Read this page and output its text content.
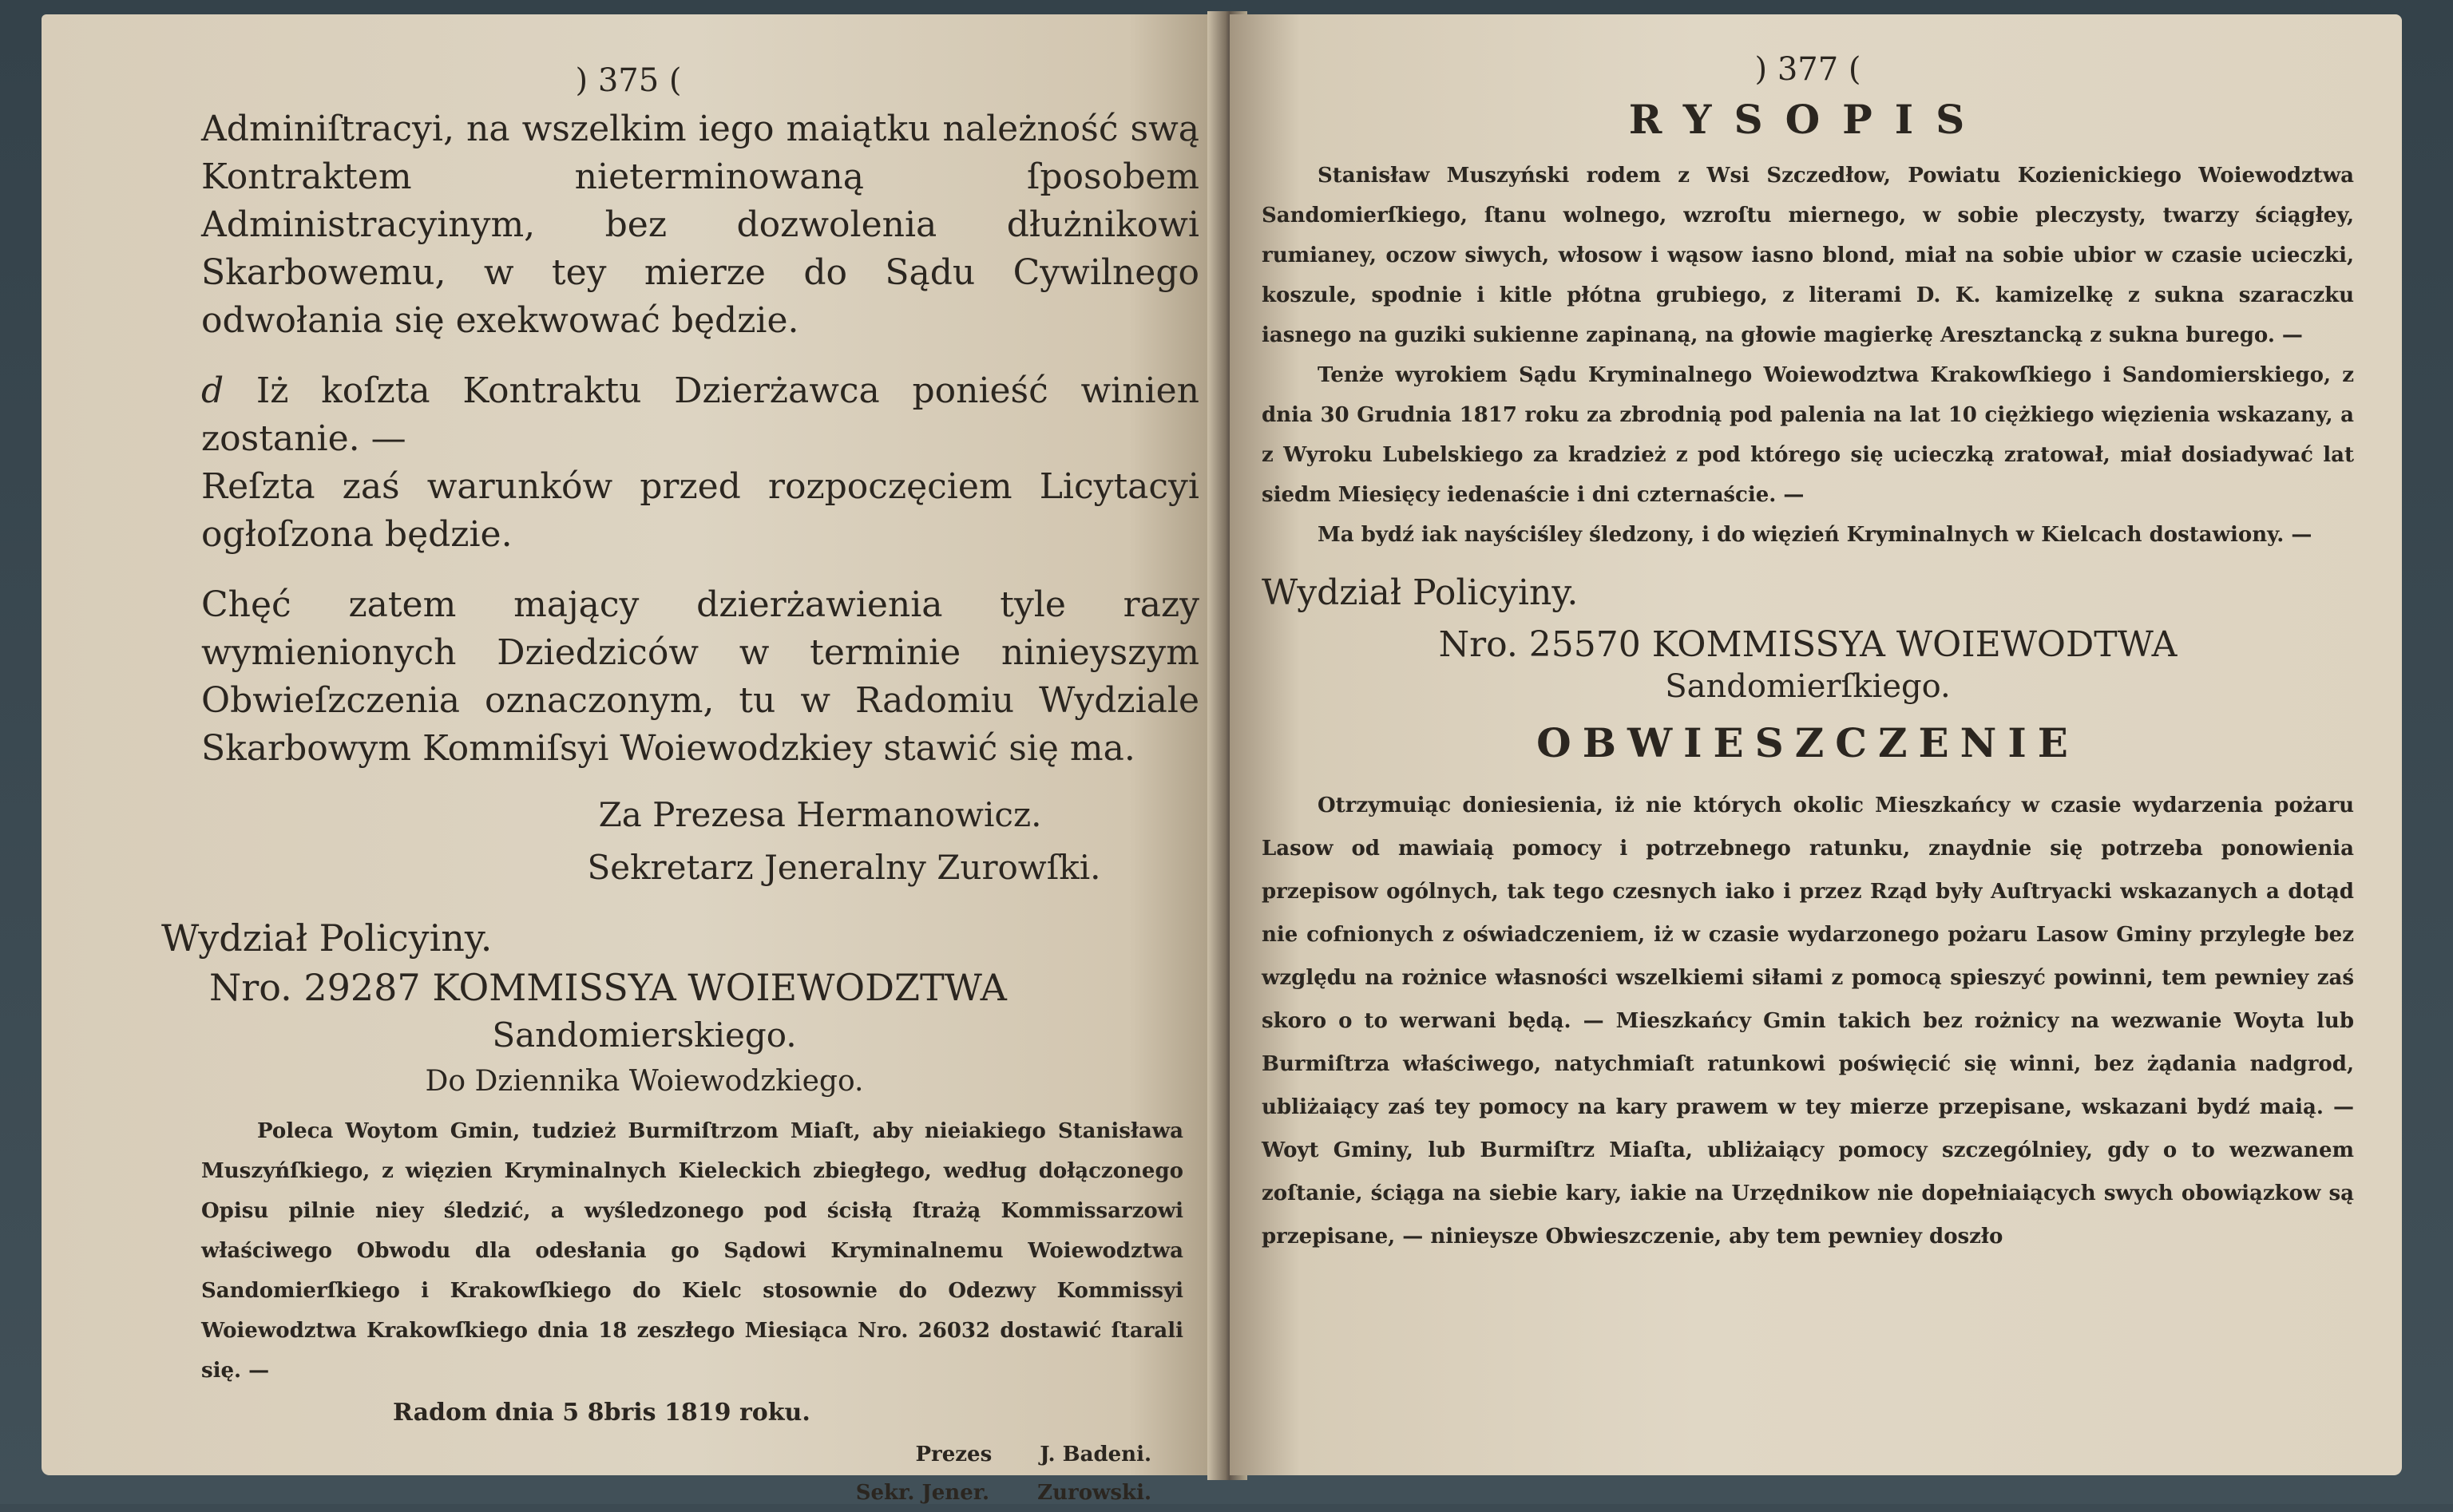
) 375 (

Adminiſtracyi, na wszelkim iego maiątku należność swą Kontraktem nieterminowaną ſposobem Administracyinym, bez dozwolenia dłużnikowi Skarbowemu, w tey mierze do Sądu Cywilnego odwołania się exekwować będzie.

d Iż koſzta Kontraktu Dzierżawca ponieść winien zostanie. —

Reſzta zaś warunków przed rozpoczęciem Licytacyi ogłoſzona będzie.

Chęć zatem mający dzierżawienia tyle razy wymienionych Dziedziców w terminie ninieyszym Obwieſzczenia oznaczonym, tu w Radomiu Wydziale Skarbowym Kommiſsyi Woiewodzkiey stawić się ma.

Za Prezesa Hermanowicz.
Sekretarz Jeneralny Zurowſki.
Wydział Policyiny.
Nro. 29287 KOMMISSYA WOIEWODZTWA
Sandomierskiego.
Do Dziennika Woiewodzkiego.

Poleca Woytom Gmin, tudzież Burmiſtrzom Miaſt, aby nieiakiego Stanisława Muszyńſkiego, z więzien Kryminalnych Kieleckich zbiegłego, według dołączonego Opisu pilnie niey śledzić, a wyśledzonego pod ścisłą ſtrażą Kommissarzowi właściwego Obwodu dla odesłania go Sądowi Kryminalnemu Woiewodztwa Sandomierſkiego i Krakowſkiego do Kielc stosownie do Odezwy Kommissyi Woiewodztwa Krakowſkiego dnia 18 zeszłego Miesiąca Nro. 26032 dostawić ſtarali się. —

Radom dnia 5 8bris 1819 roku.
Prezes J. Badeni.
Sekr. Jener. Zurowski.
) 377 (
RYSOPIS

Stanisław Muszyński rodem z Wsi Szczedłow, Powiatu Kozienickiego Woiewodztwa Sandomierſkiego, ſtanu wolnego, wzroſtu miernego, w sobie pleczysty, twarzy ściągłey, rumianey, oczow siwych, włosow i wąsow iasno blond, miał na sobie ubior w czasie ucieczki, koszule, spodnie i kitle płótna grubiego, z literami D. K. kamizelkę z sukna szaraczku iasnego na guziki sukienne zapinaną, na głowie magierkę Aresztancką z sukna burego. —

Tenże wyrokiem Sądu Kryminalnego Woiewodztwa Krakowſkiego i Sandomierskiego, z dnia 30 Grudnia 1817 roku za zbrodnią pod palenia na lat 10 ciężkiego więzienia wskazany, a z Wyroku Lubelskiego za kradzież z pod którego się ucieczką zratował, miał dosiadywać lat siedm Miesięcy iedenaście i dni czternaście. —

Ma bydź iak nayściśley śledzony, i do więzień Kryminalnych w Kielcach dostawiony. —

Wydział Policyiny.
Nro. 25570 KOMMISSYA WOIEWODTWA
Sandomierſkiego.
OBWIESZCZENIE

Otrzymuiąc doniesienia, iż nie których okolic Mieszkańcy w czasie wydarzenia pożaru Lasow od mawiaią pomocy i potrzebnego ratunku, znaydnie się potrzeba ponowienia przepisow ogólnych, tak tego czesnych iako i przez Rząd były Auſtryacki wskazanych a dotąd nie cofnionych z oświadczeniem, iż w czasie wydarzonego pożaru Lasow Gminy przyległe bez względu na rożnice własności wszelkiemi siłami z pomocą spieszyć powinni, tem pewniey zaś skoro o to werwani będą. — Mieszkańcy Gmin takich bez rożnicy na wezwanie Woyta lub Burmiſtrza właściwego, natychmiaſt ratunkowi poświęcić się winni, bez żądania nadgrod, ubliżaiący zaś tey pomocy na kary prawem w tey mierze przepisane, wskazani bydź maią. — Woyt Gminy, lub Burmiſtrz Miaſta, ubliżaiący pomocy szczególniey, gdy o to wezwanem zoſtanie, ściąga na siebie kary, iakie na Urzędnikow nie dopełniaiących swych obowiązkow są przepisane, — ninieysze Obwieszczenie, aby tem pewniey doszło
